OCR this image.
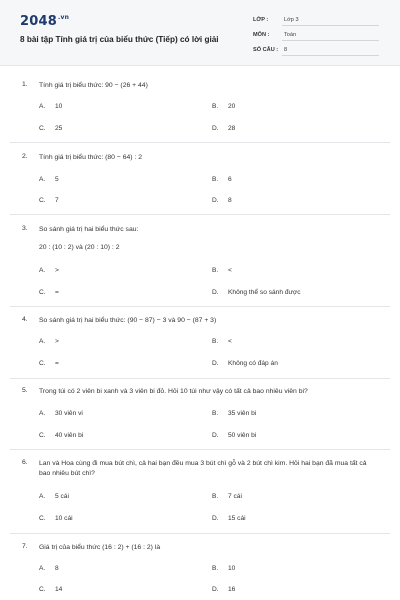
$2048^{.vn}$
8 bài tập Tính giá trị của biểu thức (Tiếp) có lời giải
LỚP :	Lớp 3
MÔN :	Toán
SỐ CÂU : 8
1. Tính giá trị biểu thức: 90 − (26 + 44)
A. 10	B. 20
C. 25	D. 28
2. Tính giá trị biểu thức: (80 − 64) : 2
A. 5	B. 6
C. 7	D. 8
3. So sánh giá trị hai biểu thức sau:
20 : (10 : 2) và (20 : 10) : 2
A. >	B. <
C. =	D. Không thể so sánh được
4. So sánh giá trị hai biểu thức: (90 − 87) − 3 và 90 − (87 + 3)
A. >	B. <
C. =	D. Không có đáp án
5. Trong túi có 2 viên bi xanh và 3 viên bi đỏ. Hỏi 10 túi như vậy có tất cả bao nhiêu viên bi?
A. 30 viên vi	B. 35 viên bi
C. 40 viên bi	D. 50 viên bi
6. Lan và Hoa cùng đi mua bút chì, cả hai bạn đều mua 3 bút chì gỗ và 2 bút chì kim. Hỏi hai bạn đã mua tất cả bao nhiêu bút chì?
A. 5 cái	B. 7 cái
C. 10 cái	D. 15 cái
7. Giá trị của biểu thức (16 : 2) + (16 : 2) là
A. 8	B. 10
C. 14	D. 16
